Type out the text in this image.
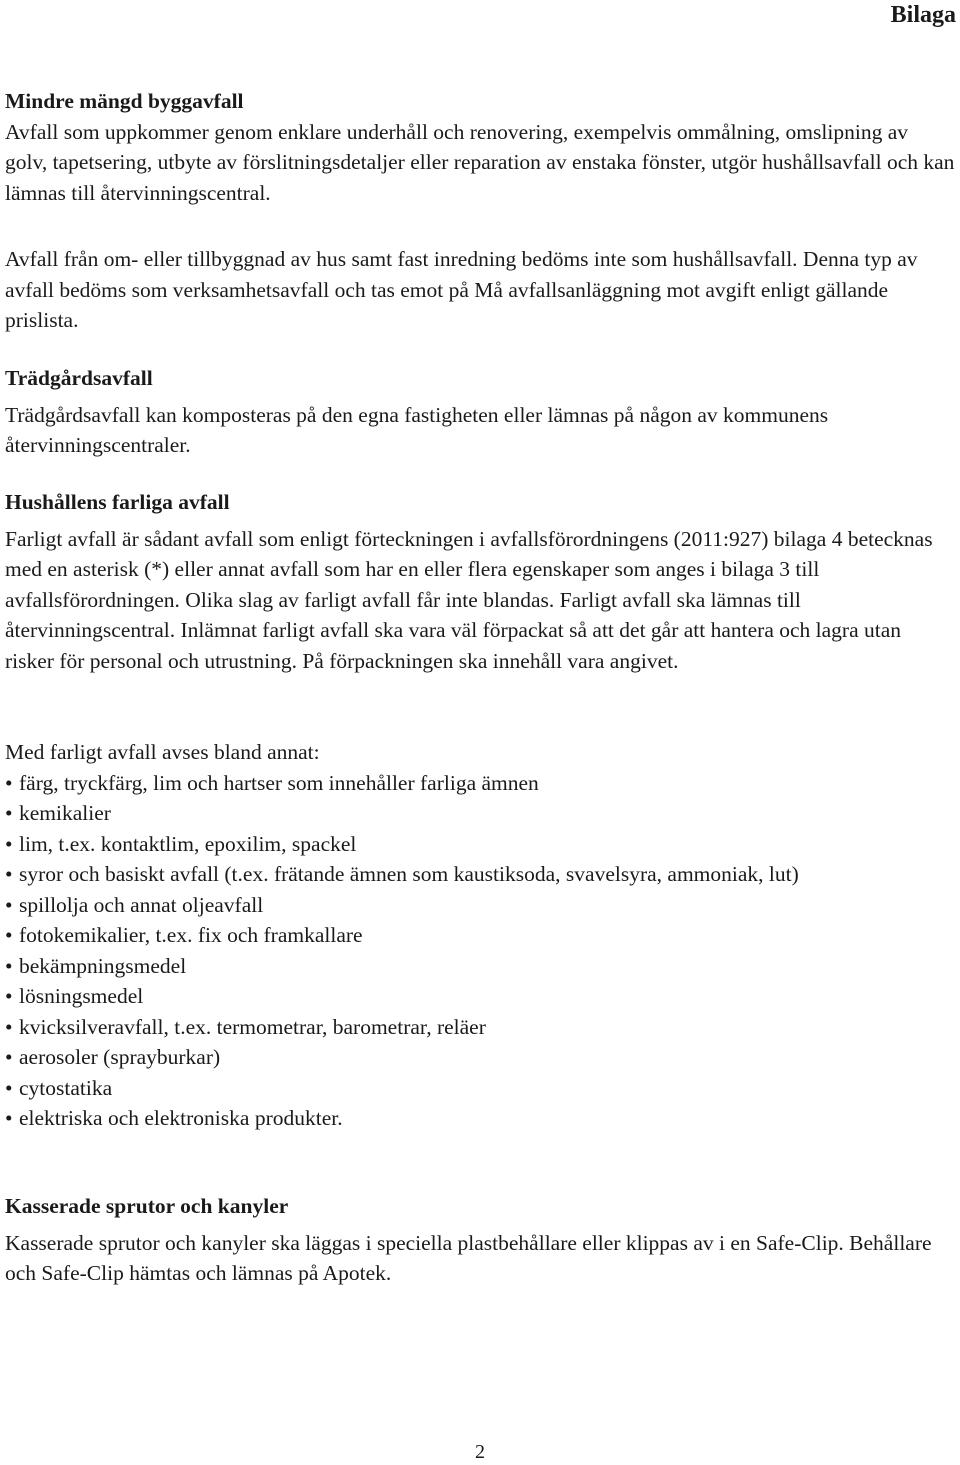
Bilaga
Mindre mängd byggavfall

Avfall som uppkommer genom enklare underhåll och renovering, exempelvis ommålning, omslipning av golv, tapetsering, utbyte av förslitningsdetaljer eller reparation av enstaka fönster, utgör hushållsavfall och kan lämnas till återvinningscentral.

Avfall från om- eller tillbyggnad av hus samt fast inredning bedöms inte som hushållsavfall. Denna typ av avfall bedöms som verksamhetsavfall och tas emot på Må avfallsanläggning mot avgift enligt gällande prislista.

Trädgårdsavfall

Trädgårdsavfall kan komposteras på den egna fastigheten eller lämnas på någon av kommunens återvinningscentraler.

Hushållens farliga avfall

Farligt avfall är sådant avfall som enligt förteckningen i avfallsförordningens (2011:927) bilaga 4 betecknas med en asterisk (*) eller annat avfall som har en eller flera egenskaper som anges i bilaga 3 till avfallsförordningen. Olika slag av farligt avfall får inte blandas. Farligt avfall ska lämnas till återvinningscentral. Inlämnat farligt avfall ska vara väl förpackat så att det går att hantera och lagra utan risker för personal och utrustning. På förpackningen ska innehåll vara angivet.

Med farligt avfall avses bland annat:

• färg, tryckfärg, lim och hartser som innehåller farliga ämnen
• kemikalier
• lim, t.ex. kontaktlim, epoxilim, spackel
• syror och basiskt avfall (t.ex. frätande ämnen som kaustiksoda, svavelsyra, ammoniak, lut)
• spillolja och annat oljeavfall
• fotokemikalier, t.ex. fix och framkallare
• bekämpningsmedel
• lösningsmedel
• kvicksilveravfall, t.ex. termometrar, barometrar, reläer
• aerosoler (sprayburkar)
• cytostatika
• elektriska och elektroniska produkter.
Kasserade sprutor och kanyler

Kasserade sprutor och kanyler ska läggas i speciella plastbehållare eller klippas av i en Safe-Clip. Behållare och Safe-Clip hämtas och lämnas på Apotek.

2
